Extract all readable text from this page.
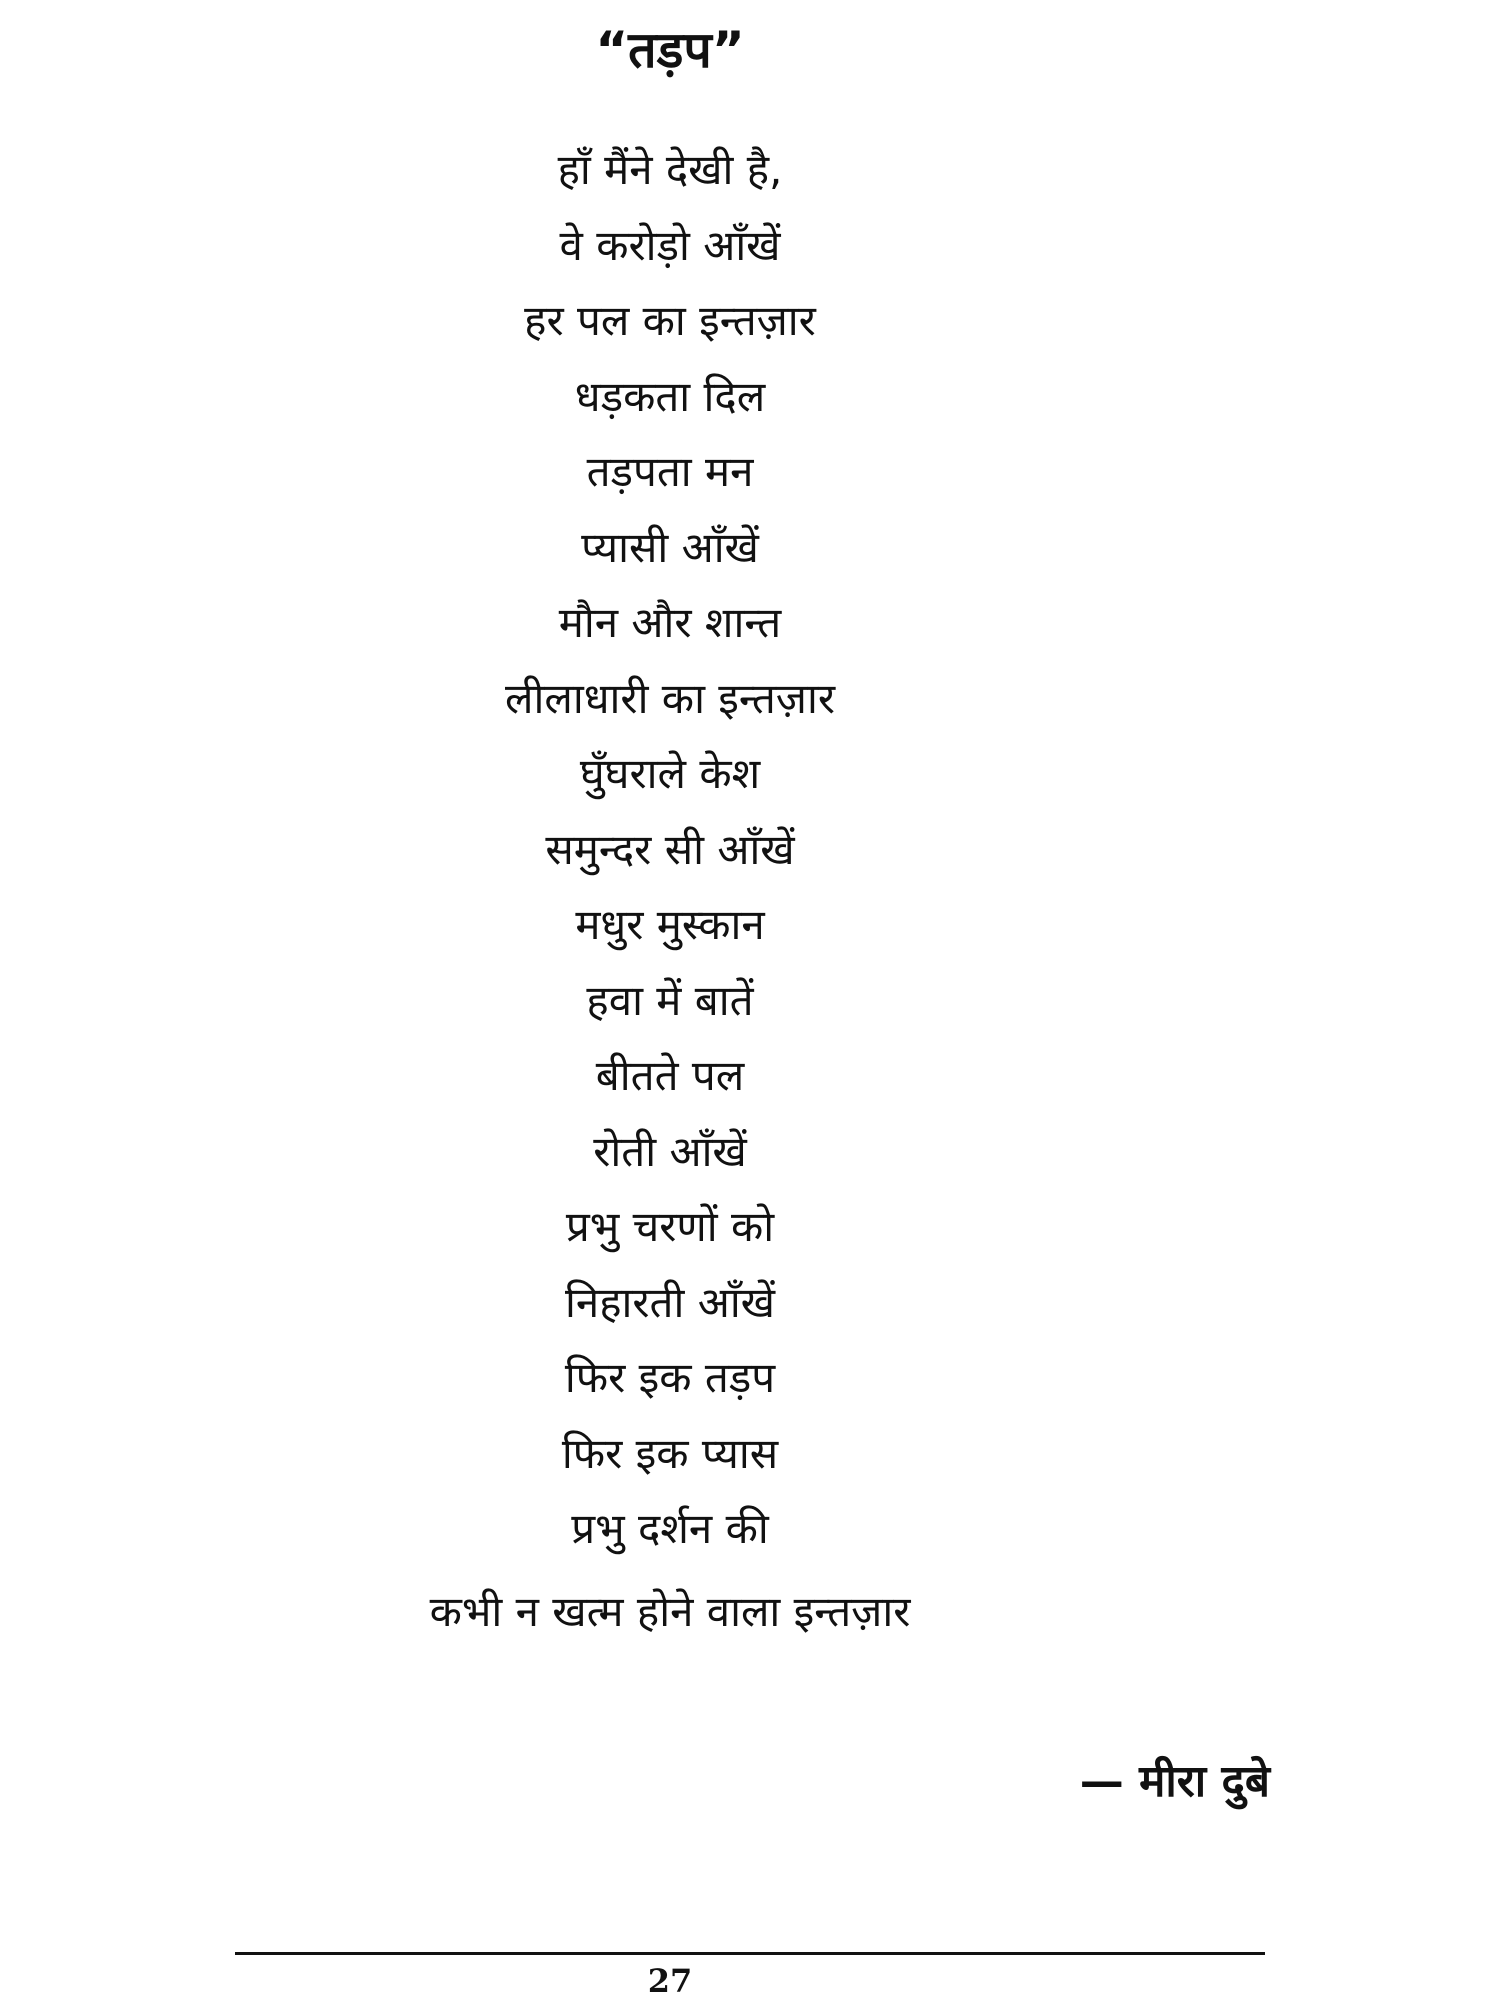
“तड़प”
हाँ मैंने देखी है,
वे करोड़ो आँखें
हर पल का इन्तज़ार
धड़कता दिल
तड़पता मन
प्यासी आँखें
मौन और शान्त
लीलाधारी का इन्तज़ार
घुँघराले केश
समुन्दर सी आँखें
मधुर मुस्कान
हवा में बातें
बीतते पल
रोती आँखें
प्रभु चरणों को
निहारती आँखें
फिर इक तड़प
फिर इक प्यास
प्रभु दर्शन की
कभी न खत्म होने वाला इन्तज़ार
— मीरा दुबे
27
